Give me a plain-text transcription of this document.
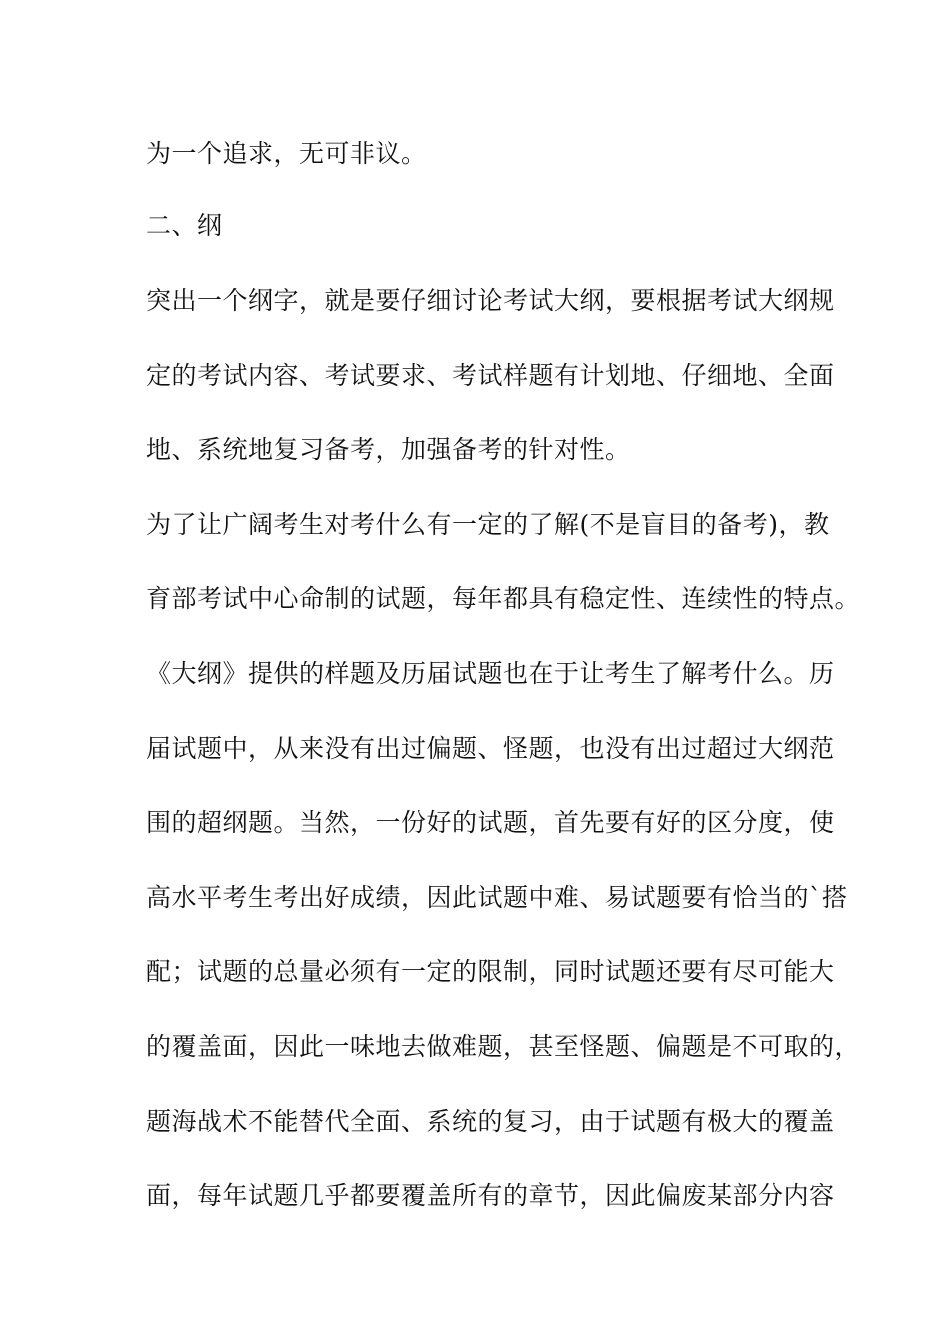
为一个追求，无可非议。
二、纲
突出一个纲字，就是要仔细讨论考试大纲，要根据考试大纲规
定的考试内容、考试要求、考试样题有计划地、仔细地、全面
地、系统地复习备考，加强备考的针对性。
为了让广阔考生对考什么有一定的了解(不是盲目的备考)，教
育部考试中心命制的试题，每年都具有稳定性、连续性的特点。
《大纲》提供的样题及历届试题也在于让考生了解考什么。历
届试题中，从来没有出过偏题、怪题，也没有出过超过大纲范
围的超纲题。当然，一份好的试题，首先要有好的区分度，使
高水平考生考出好成绩，因此试题中难、易试题要有恰当的`搭
配；试题的总量必须有一定的限制，同时试题还要有尽可能大
的覆盖面，因此一味地去做难题，甚至怪题、偏题是不可取的，
题海战术不能替代全面、系统的复习，由于试题有极大的覆盖
面，每年试题几乎都要覆盖所有的章节，因此偏废某部分内容
